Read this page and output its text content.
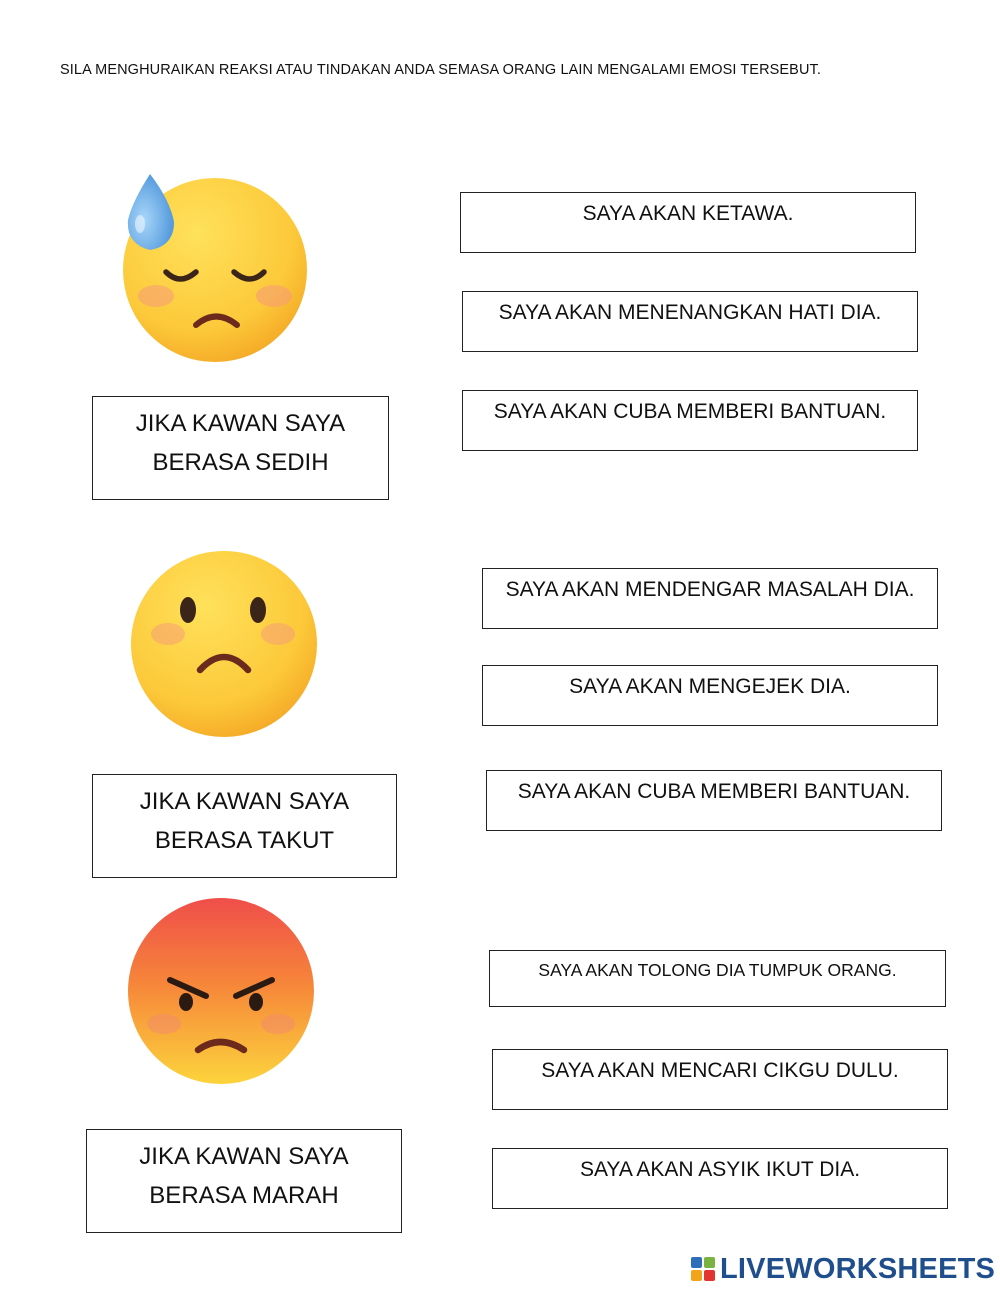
SILA MENGHURAIKAN REAKSI ATAU TINDAKAN ANDA SEMASA ORANG LAIN MENGALAMI EMOSI TERSEBUT.
JIKA KAWAN SAYA
BERASA SEDIH
SAYA AKAN KETAWA.
SAYA AKAN MENENANGKAN HATI DIA.
SAYA AKAN CUBA MEMBERI BANTUAN.
JIKA KAWAN SAYA
BERASA TAKUT
SAYA AKAN MENDENGAR MASALAH DIA.
SAYA AKAN MENGEJEK DIA.
SAYA AKAN CUBA MEMBERI BANTUAN.
JIKA KAWAN SAYA
BERASA MARAH
SAYA AKAN TOLONG DIA TUMPUK ORANG.
SAYA AKAN MENCARI CIKGU DULU.
SAYA AKAN ASYIK IKUT DIA.
LIVEWORKSHEETS
